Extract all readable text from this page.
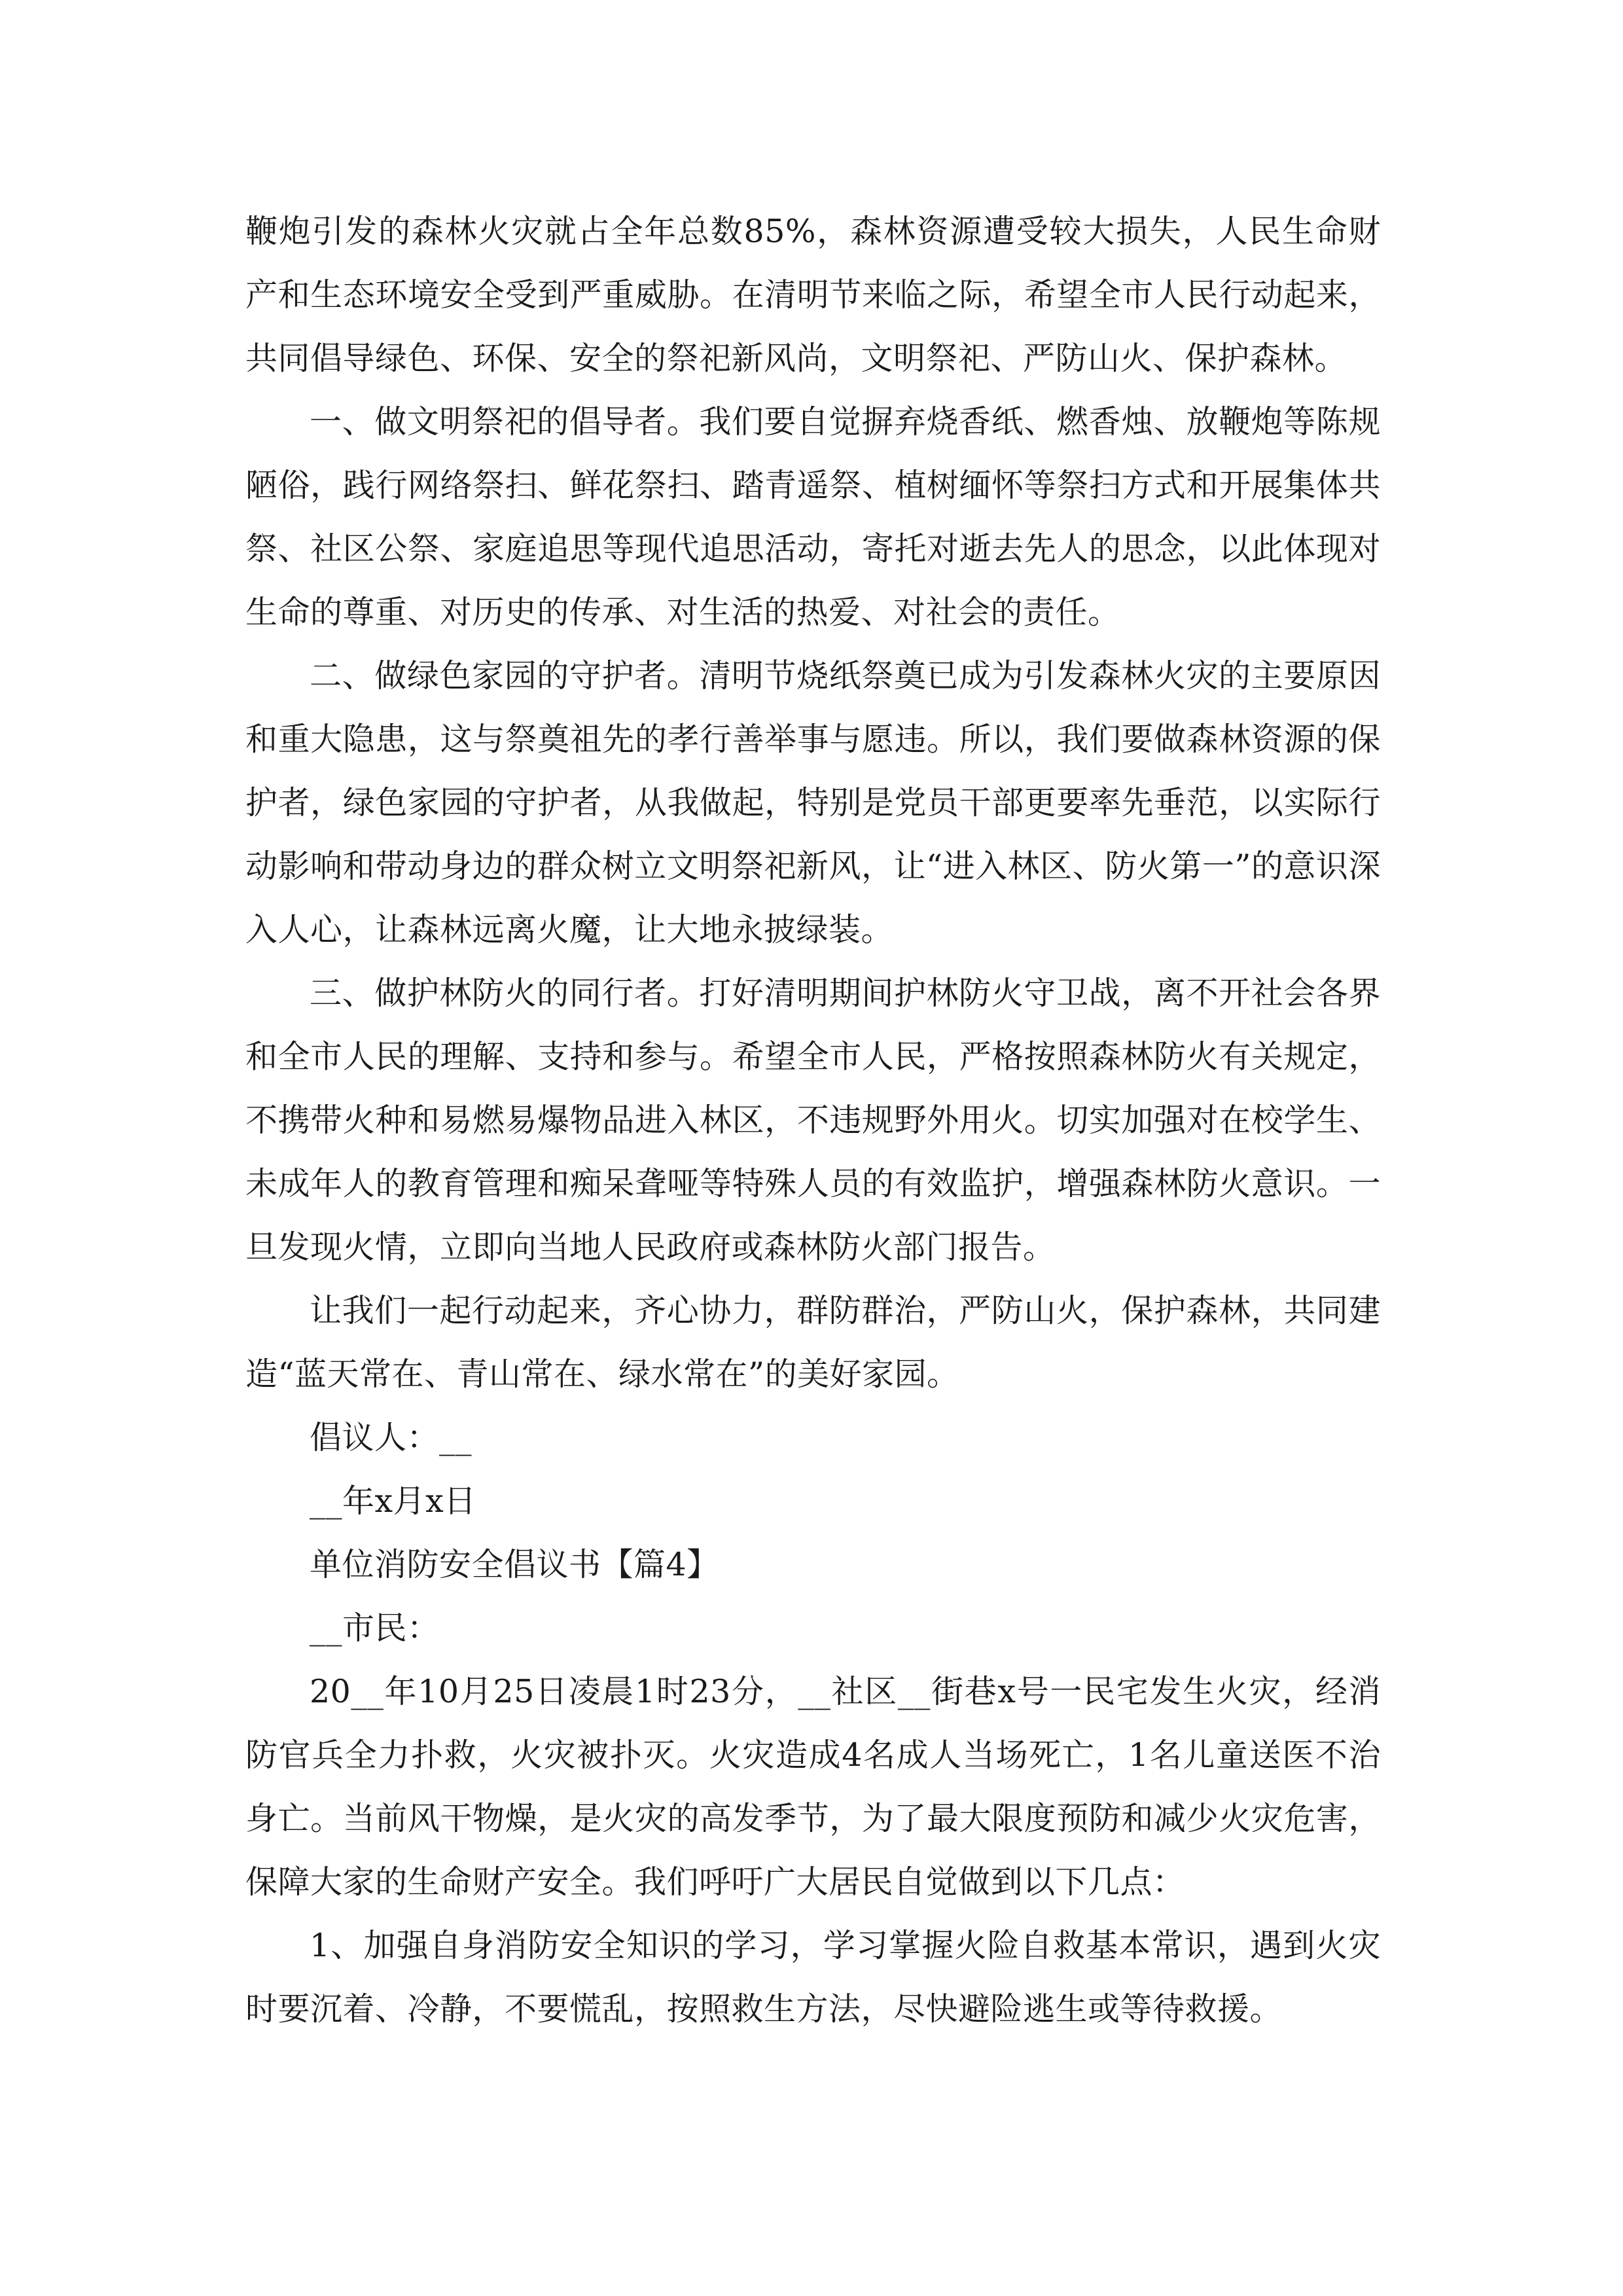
鞭炮引发的森林火灾就占全年总数85%，森林资源遭受较大损失，人民生命财产和生态环境安全受到严重威胁。在清明节来临之际，希望全市人民行动起来，共同倡导绿色、环保、安全的祭祀新风尚，文明祭祀、严防山火、保护森林。

一、做文明祭祀的倡导者。我们要自觉摒弃烧香纸、燃香烛、放鞭炮等陈规陋俗，践行网络祭扫、鲜花祭扫、踏青遥祭、植树缅怀等祭扫方式和开展集体共祭、社区公祭、家庭追思等现代追思活动，寄托对逝去先人的思念，以此体现对生命的尊重、对历史的传承、对生活的热爱、对社会的责任。

二、做绿色家园的守护者。清明节烧纸祭奠已成为引发森林火灾的主要原因和重大隐患，这与祭奠祖先的孝行善举事与愿违。所以，我们要做森林资源的保护者，绿色家园的守护者，从我做起，特别是党员干部更要率先垂范，以实际行动影响和带动身边的群众树立文明祭祀新风，让“进入林区、防火第一”的意识深入人心，让森林远离火魔，让大地永披绿装。

三、做护林防火的同行者。打好清明期间护林防火守卫战，离不开社会各界和全市人民的理解、支持和参与。希望全市人民，严格按照森林防火有关规定，不携带火种和易燃易爆物品进入林区，不违规野外用火。切实加强对在校学生、未成年人的教育管理和痴呆聋哑等特殊人员的有效监护，增强森林防火意识。一旦发现火情，立即向当地人民政府或森林防火部门报告。

让我们一起行动起来，齐心协力，群防群治，严防山火，保护森林，共同建造“蓝天常在、青山常在、绿水常在”的美好家园。

倡议人：__

__年x月x日

单位消防安全倡议书【篇4】

__市民：

20__年10月25日凌晨1时23分，__社区__街巷x号一民宅发生火灾，经消防官兵全力扑救，火灾被扑灭。火灾造成4名成人当场死亡，1名儿童送医不治身亡。当前风干物燥，是火灾的高发季节，为了最大限度预防和减少火灾危害，保障大家的生命财产安全。我们呼吁广大居民自觉做到以下几点：

1、加强自身消防安全知识的学习，学习掌握火险自救基本常识，遇到火灾时要沉着、冷静，不要慌乱，按照救生方法，尽快避险逃生或等待救援。
